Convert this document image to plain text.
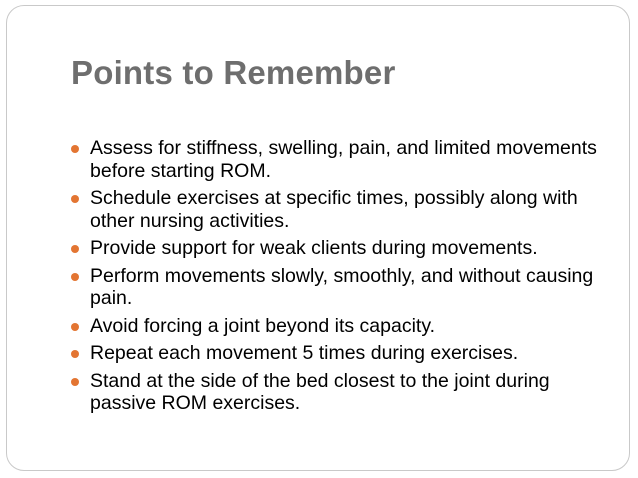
Points to Remember
Assess for stiffness, swelling, pain, and limited movements before starting ROM.
Schedule exercises at specific times, possibly along with other nursing activities.
Provide support for weak clients during movements.
Perform movements slowly, smoothly, and without causing pain.
Avoid forcing a joint beyond its capacity.
Repeat each movement 5 times during exercises.
Stand at the side of the bed closest to the joint during passive ROM exercises.
